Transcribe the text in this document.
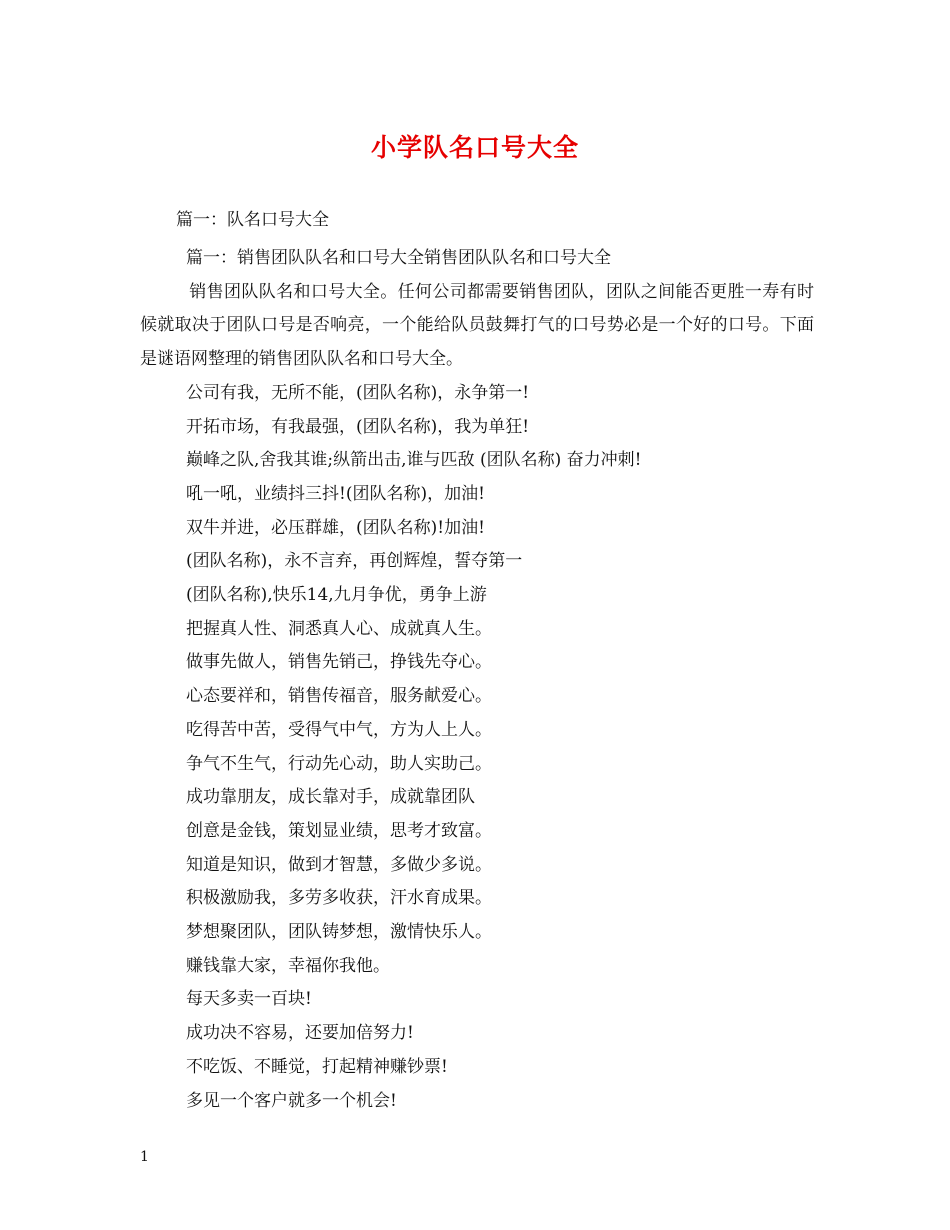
小学队名口号大全
篇一：队名口号大全
篇一：销售团队队名和口号大全销售团队队名和口号大全

销售团队队名和口号大全。任何公司都需要销售团队，团队之间能否更胜一寿有时候就取决于团队口号是否响亮，一个能给队员鼓舞打气的口号势必是一个好的口号。下面是谜语网整理的销售团队队名和口号大全。

公司有我，无所不能，(团队名称)，永争第一!
开拓市场，有我最强，(团队名称)，我为单狂!
巅峰之队,舍我其谁;纵箭出击,谁与匹敌 (团队名称) 奋力冲刺!
吼一吼，业绩抖三抖!(团队名称)，加油!
双牛并进，必压群雄，(团队名称)!加油!
(团队名称)，永不言弃，再创辉煌，誓夺第一
(团队名称),快乐14,九月争优，勇争上游
把握真人性、洞悉真人心、成就真人生。
做事先做人，销售先销己，挣钱先夺心。
心态要祥和，销售传福音，服务献爱心。
吃得苦中苦，受得气中气，方为人上人。
争气不生气，行动先心动，助人实助己。
成功靠朋友，成长靠对手，成就靠团队
创意是金钱，策划显业绩，思考才致富。
知道是知识，做到才智慧，多做少多说。
积极激励我，多劳多收获，汗水育成果。
梦想聚团队，团队铸梦想，激情快乐人。
赚钱靠大家，幸福你我他。
每天多卖一百块!
成功决不容易，还要加倍努力!
不吃饭、不睡觉，打起精神赚钞票!
多见一个客户就多一个机会!
1
